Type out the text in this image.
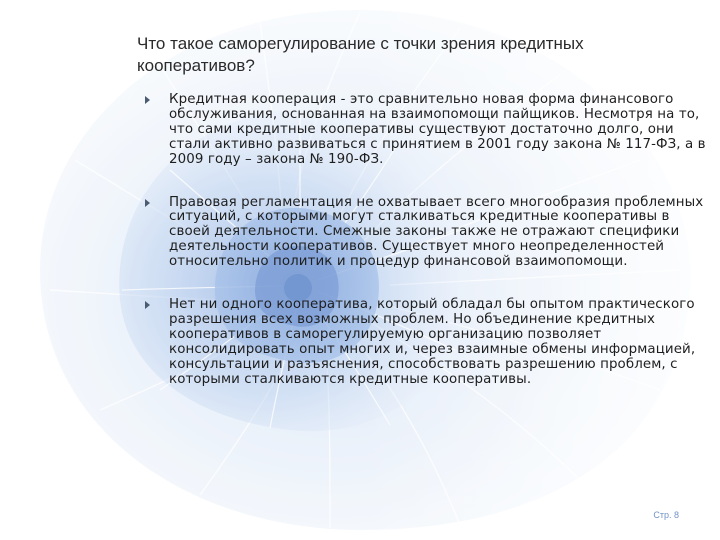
Что такое саморегулирование с точки зрения кредитных кооперативов?
Кредитная кооперация - это сравнительно новая форма финансового обслуживания, основанная на взаимопомощи пайщиков. Несмотря на то, что сами кредитные кооперативы существуют достаточно долго, они стали активно развиваться с принятием в 2001 году закона № 117-ФЗ, а в 2009 году – закона № 190-ФЗ.
Правовая регламентация не охватывает всего многообразия проблемных ситуаций, с которыми могут сталкиваться кредитные кооперативы в своей деятельности. Смежные законы также не отражают специфики деятельности кооперативов. Существует много неопределенностей относительно политик и процедур финансовой взаимопомощи.
Нет ни одного кооператива, который обладал бы опытом практического разрешения всех возможных проблем. Но объединение кредитных кооперативов в саморегулируемую организацию позволяет консолидировать опыт многих и, через взаимные обмены информацией, консультации и разъяснения, способствовать разрешению проблем, с которыми сталкиваются кредитные кооперативы.
Стр. 8
